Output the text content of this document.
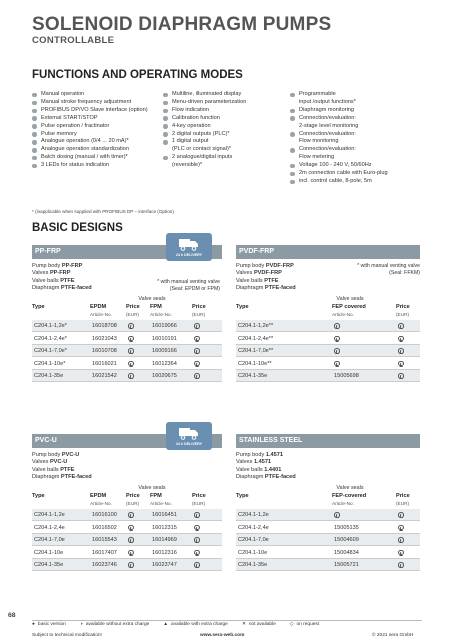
SOLENOID DIAPHRAGM PUMPS
CONTROLLABLE
FUNCTIONS AND OPERATING MODES
Manual operation
Manual stroke frequency adjustment
PROFIBUS DP/VO Slave interface (option)
External START/STOP
Pulse operation / fractinator
Pulse memory
Analogue operation (0/4 ... 20 mA)*
Analogue operation standardization
Batch dosing (manual / with timer)*
3 LEDs for status indication
Multiline, illuminated display
Menu-driven parameterization
Flow indication
Calibration function
4-key operation
2 digital outputs (PLC)*
1 digital output
(PLC or contact signal)*
2 analogue/digital inputs
(reversible)*
Programmable
input /output functions*
Diaphragm monitoring
Connection/evaluation:
2-stage level monitoring
Connection/evaluation:
Flow monitoring
Connection/evaluation:
Flow metering
Voltage 100 - 240 V, 50/60Hz
2m connection cable with Euro-plug
incl. control cable, 8-pole, 5m
* (inapplicable when supplied with PROFIBUS DP – interface (Option)
BASIC DESIGNS
PP-FRP
Pump body PP-FRP
Valves PP-FRP
Valve balls PTFE
Diaphragm PTFE-faced
* with manual venting valve
(Seal: EPDM or FPM)
Valve seals
Type	EPDM	Price FPM	Price
Article-No.	(EUR) Article-No.	(EUR)
C204.1-1,2e*	16018708	16019066
C204.1-2,4e*	16021043	16010191
C204.1-7,0e*	16010708	16009166
C204.1-10e*	16016021	16012364
C204.1-35e	16021542	16020675
24 h DELIVERY	PVDF-FRP
Pump body PVDF-FRP
Valves PVDF-FRP
Valve balls PTFE
Diaphragm PTFE-faced
* with manual venting valve
(Seal: FFKM)
Valve seals
Type	FEP covered	Price
Article-No.	(EUR)
C204.1-1,2e**
C204.1-2,4e**
C204.1-7,0e**
C204.1-10e**
C204.1-35e	15005698
PVC-U
Pump body PVC-U
Valves PVC-U
Valve balls PTFE
Diaphragm PTFE-faced
Valve seals
Type	EPDM	Price FPM	Price
Article-No.	(EUR) Article-No.	(EUR)
C204.1-1,2e	16016100	16016451
C204.1-2,4e	16016502	16012315
C204.1-7,0e	16015543	16014969
C204.1-10e	16017407	16012316
C204.1-35e	16023746	16023747
24 h DELIVERY	STAINLESS STEEL
Pump body 1.4571
Valves 1.4571
Valve balls 1.4401
Diaphragm PTFE-faced
Valve seals
Type	FEP-covered	Price
Article-No.	(EUR)
C204.1-1,2e
C204.1-2,4e	15005135
C204.1-7,0e	15004609
C204.1-10e	15004834
C204.1-35e	15005721
68
● basic version	◑ available without extra charge	▲ available with extra charge	✕ not available	◇ on request
Subject to technical modification!	www.sera-web.com	© 2021 sera GmbH
